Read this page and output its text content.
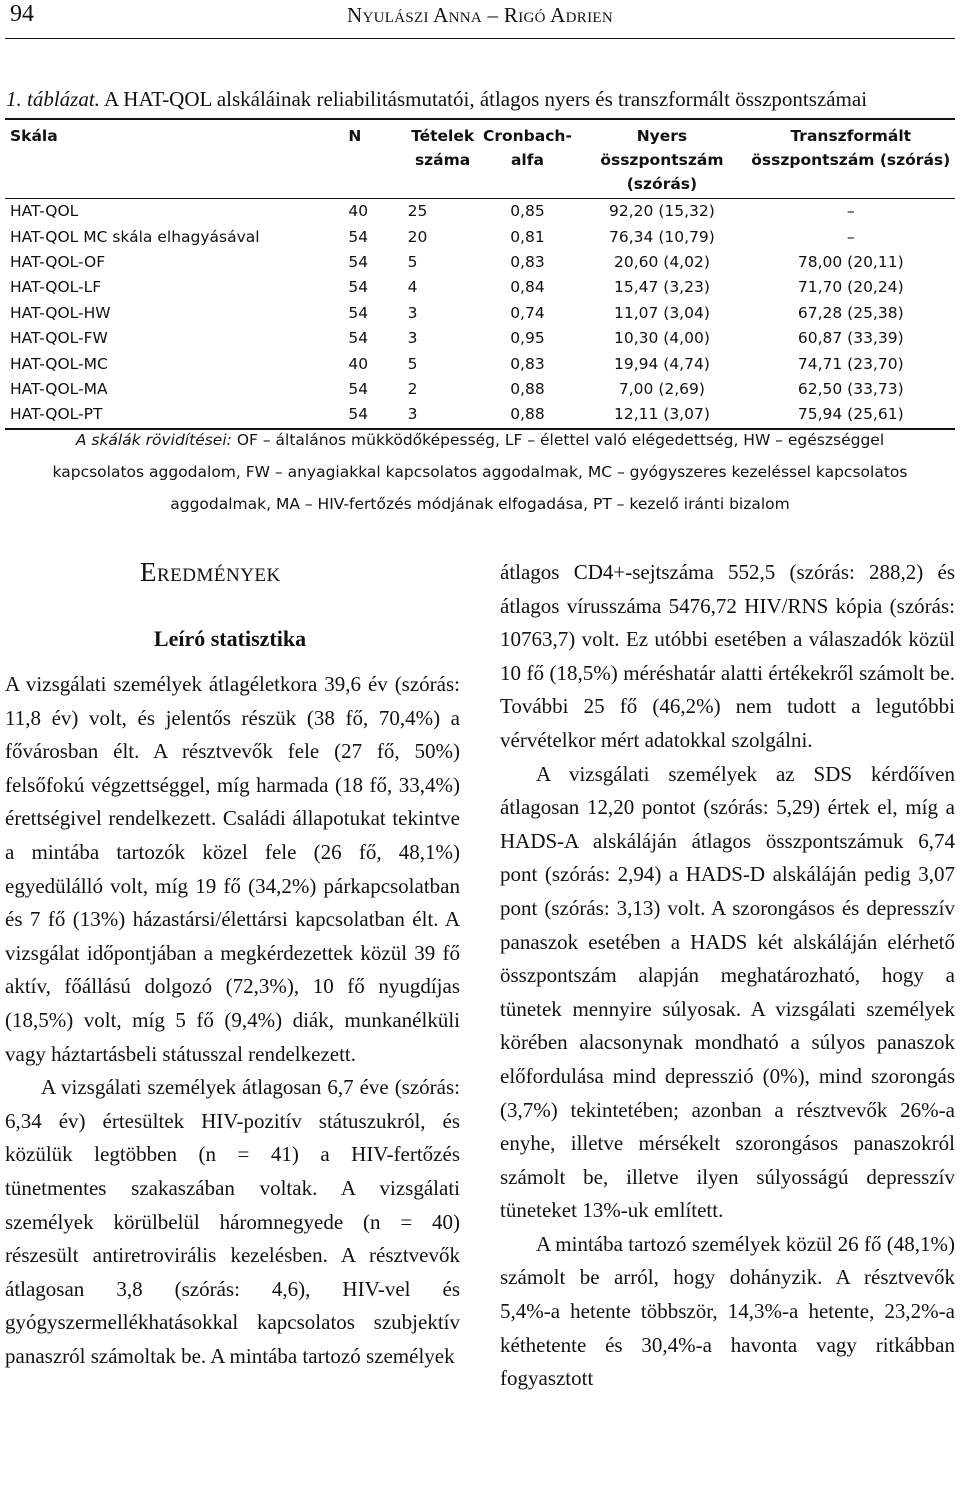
94	Nyulászi Anna – Rigó Adrien
1. táblázat. A HAT-QOL alskáláinak reliabilitásmutatói, átlagos nyers és transzformált összpontszámai
Skála	N	Tételek száma	Cronbach-alfa	Nyers összpontszám (szórás)	Transzformált összpontszám (szórás)
HAT-QOL	40	25	0,85	92,20 (15,32)	–
HAT-QOL MC skála elhagyásával	54	20	0,81	76,34 (10,79)	–
HAT-QOL-OF	54	5	0,83	20,60 (4,02)	78,00 (20,11)
HAT-QOL-LF	54	4	0,84	15,47 (3,23)	71,70 (20,24)
HAT-QOL-HW	54	3	0,74	11,07 (3,04)	67,28 (25,38)
HAT-QOL-FW	54	3	0,95	10,30 (4,00)	60,87 (33,39)
HAT-QOL-MC	40	5	0,83	19,94 (4,74)	74,71 (23,70)
HAT-QOL-MA	54	2	0,88	7,00 (2,69)	62,50 (33,73)
HAT-QOL-PT	54	3	0,88	12,11 (3,07)	75,94 (25,61)
A skálák rövidítései: OF – általános mükködőképesség, LF – élettel való elégedettség, HW – egészséggel
kapcsolatos aggodalom, FW – anyagiakkal kapcsolatos aggodalmak, MC – gyógyszeres kezeléssel kapcsolatos
aggodalmak, MA – HIV-fertőzés módjának elfogadása, PT – kezelő iránti bizalom
Eredmények
Leíró statisztika

A vizsgálati személyek átlagéletkora 39,6 év (szórás: 11,8 év) volt, és jelentős részük (38 fő, 70,4%) a fővárosban élt. A résztvevők fele (27 fő, 50%) felsőfokú végzettséggel, míg harmada (18 fő, 33,4%) érettségivel rendelkezett. Családi állapotukat tekintve a mintába tartozók közel fele (26 fő, 48,1%) egyedülálló volt, míg 19 fő (34,2%) párkapcsolatban és 7 fő (13%) házastársi/élettársi kapcsolatban élt. A vizsgálat időpontjában a megkérdezettek közül 39 fő aktív, főállású dolgozó (72,3%), 10 fő nyugdíjas (18,5%) volt, míg 5 fő (9,4%) diák, munkanélküli vagy háztartásbeli státusszal rendelkezett.

A vizsgálati személyek átlagosan 6,7 éve (szórás: 6,34 év) értesültek HIV-pozitív státuszukról, és közülük legtöbben (n = 41) a HIV-fertőzés tünetmentes szakaszában voltak. A vizsgálati személyek körülbelül háromnegyede (n = 40) részesült antiretrovirális kezelésben. A résztvevők átlagosan 3,8 (szórás: 4,6), HIV-vel és gyógyszermellékhatásokkal kapcsolatos szubjektív panaszról számoltak be. A mintába tartozó személyek

átlagos CD4+-sejtszáma 552,5 (szórás: 288,2) és átlagos vírusszáma 5476,72 HIV/RNS kópia (szórás: 10763,7) volt. Ez utóbbi esetében a válaszadók közül 10 fő (18,5%) méréshatár alatti értékekről számolt be. További 25 fő (46,2%) nem tudott a legutóbbi vérvételkor mért adatokkal szolgálni.

A vizsgálati személyek az SDS kérdőíven átlagosan 12,20 pontot (szórás: 5,29) értek el, míg a HADS-A alskáláján átlagos összpontszámuk 6,74 pont (szórás: 2,94) a HADS-D alskáláján pedig 3,07 pont (szórás: 3,13) volt. A szorongásos és depresszív panaszok esetében a HADS két alskáláján elérhető összpontszám alapján meghatározható, hogy a tünetek mennyire súlyosak. A vizsgálati személyek körében alacsonynak mondható a súlyos panaszok előfordulása mind depresszió (0%), mind szorongás (3,7%) tekintetében; azonban a résztvevők 26%-a enyhe, illetve mérsékelt szorongásos panaszokról számolt be, illetve ilyen súlyosságú depresszív tüneteket 13%-uk említett.

A mintába tartozó személyek közül 26 fő (48,1%) számolt be arról, hogy dohányzik. A résztvevők 5,4%-a hetente többször, 14,3%-a hetente, 23,2%-a kéthetente és 30,4%-a havonta vagy ritkábban fogyasztott
